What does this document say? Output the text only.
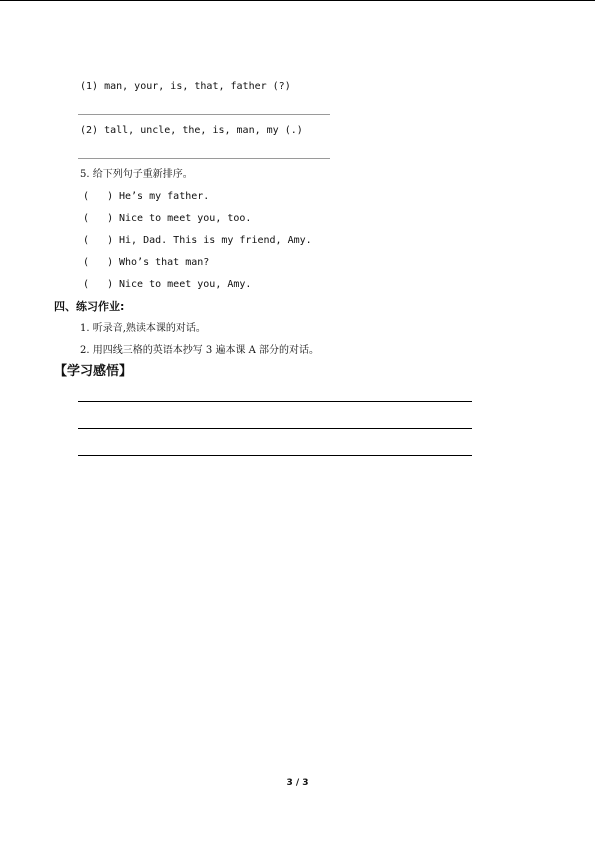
(1) man, your, is, that, father (?)
(2) tall, uncle, the, is, man, my (.)
5. 给下列句子重新排序。
( ) He’s my father.
( ) Nice to meet you, too.
( ) Hi, Dad. This is my friend, Amy.
( ) Who’s that man?
( ) Nice to meet you, Amy.
四、练习作业:
1. 听录音,熟读本课的对话。
2. 用四线三格的英语本抄写 3 遍本课 A 部分的对话。
【学习感悟】
3 / 3
